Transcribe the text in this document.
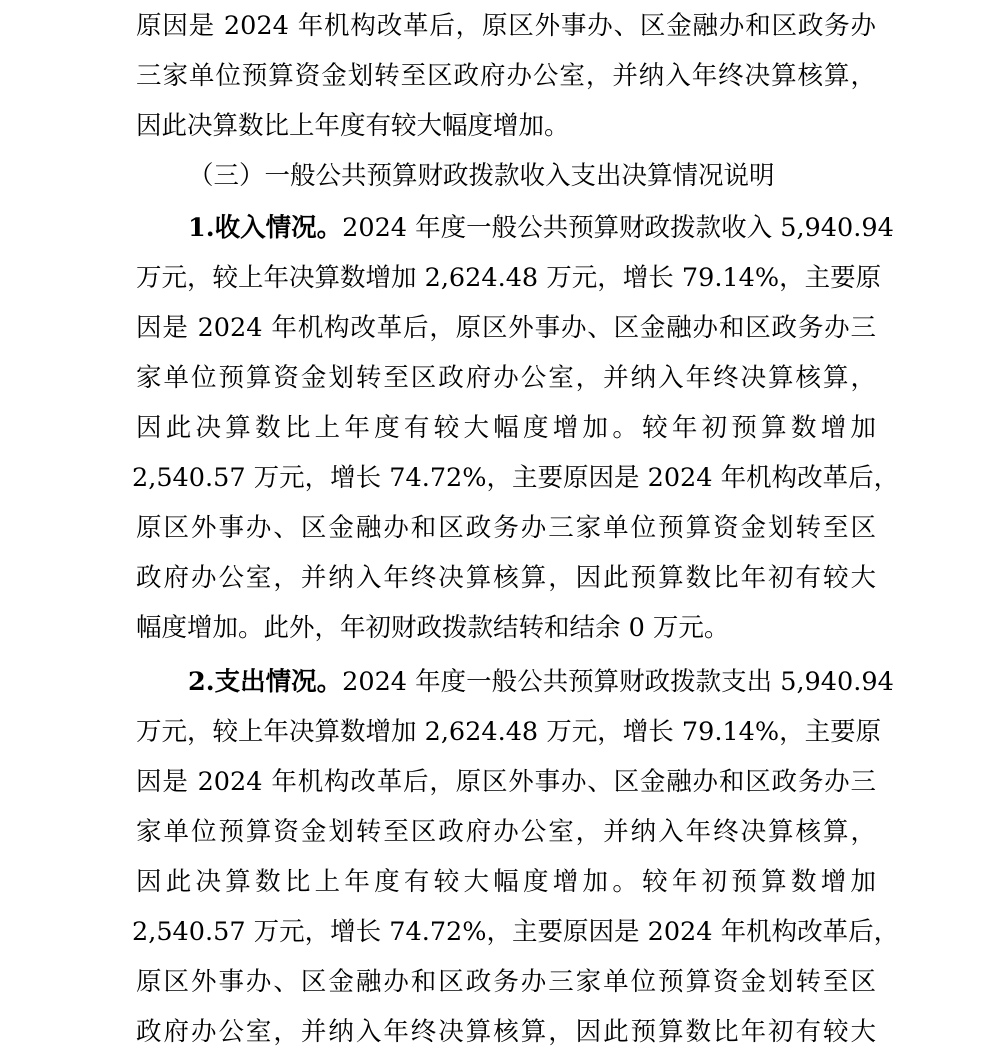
原因是 2024 年机构改革后，原区外事办、区金融办和区政务办
三家单位预算资金划转至区政府办公室，并纳入年终决算核算，
因此决算数比上年度有较大幅度增加。
（三）一般公共预算财政拨款收入支出决算情况说明
1.收入情况。2024 年度一般公共预算财政拨款收入 5,940.94
万元，较上年决算数增加 2,624.48 万元，增长 79.14%，主要原
因是 2024 年机构改革后，原区外事办、区金融办和区政务办三
家单位预算资金划转至区政府办公室，并纳入年终决算核算，
因此决算数比上年度有较大幅度增加。较年初预算数增加
2,540.57 万元，增长 74.72%，主要原因是 2024 年机构改革后，
原区外事办、区金融办和区政务办三家单位预算资金划转至区
政府办公室，并纳入年终决算核算，因此预算数比年初有较大
幅度增加。此外，年初财政拨款结转和结余 0 万元。
2.支出情况。2024 年度一般公共预算财政拨款支出 5,940.94
万元，较上年决算数增加 2,624.48 万元，增长 79.14%，主要原
因是 2024 年机构改革后，原区外事办、区金融办和区政务办三
家单位预算资金划转至区政府办公室，并纳入年终决算核算，
因此决算数比上年度有较大幅度增加。较年初预算数增加
2,540.57 万元，增长 74.72%，主要原因是 2024 年机构改革后，
原区外事办、区金融办和区政务办三家单位预算资金划转至区
政府办公室，并纳入年终决算核算，因此预算数比年初有较大
